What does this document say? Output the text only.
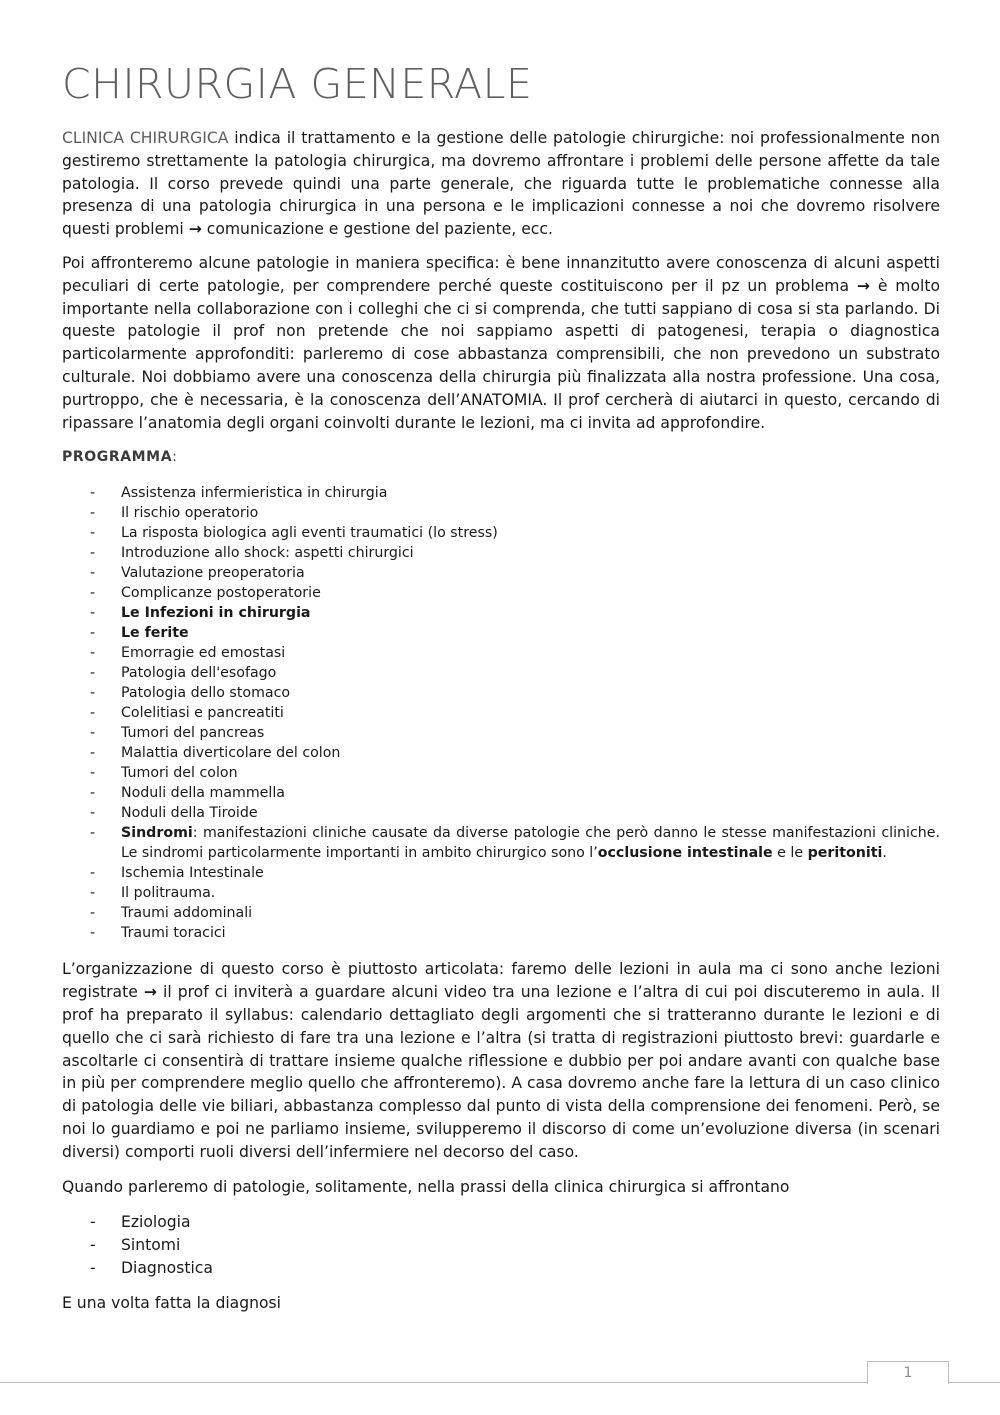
CHIRURGIA GENERALE

CLINICA CHIRURGICA indica il trattamento e la gestione delle patologie chirurgiche: noi professionalmente non gestiremo strettamente la patologia chirurgica, ma dovremo affrontare i problemi delle persone affette da tale patologia. Il corso prevede quindi una parte generale, che riguarda tutte le problematiche connesse alla presenza di una patologia chirurgica in una persona e le implicazioni connesse a noi che dovremo risolvere questi problemi → comunicazione e gestione del paziente, ecc.

Poi affronteremo alcune patologie in maniera specifica: è bene innanzitutto avere conoscenza di alcuni aspetti peculiari di certe patologie, per comprendere perché queste costituiscono per il pz un problema → è molto importante nella collaborazione con i colleghi che ci si comprenda, che tutti sappiano di cosa si sta parlando. Di queste patologie il prof non pretende che noi sappiamo aspetti di patogenesi, terapia o diagnostica particolarmente approfonditi: parleremo di cose abbastanza comprensibili, che non prevedono un substrato culturale. Noi dobbiamo avere una conoscenza della chirurgia più finalizzata alla nostra professione. Una cosa, purtroppo, che è necessaria, è la conoscenza dell’ANATOMIA. Il prof cercherà di aiutarci in questo, cercando di ripassare l’anatomia degli organi coinvolti durante le lezioni, ma ci invita ad approfondire.

PROGRAMMA:
- Assistenza infermieristica in chirurgia
- Il rischio operatorio
- La risposta biologica agli eventi traumatici (lo stress)
- Introduzione allo shock: aspetti chirurgici
- Valutazione preoperatoria
- Complicanze postoperatorie
- Le Infezioni in chirurgia
- Le ferite
- Emorragie ed emostasi
- Patologia dell'esofago
- Patologia dello stomaco
- Colelitiasi e pancreatiti
- Tumori del pancreas
- Malattia diverticolare del colon
- Tumori del colon
- Noduli della mammella
- Noduli della Tiroide
- Sindromi: manifestazioni cliniche causate da diverse patologie che però danno le stesse manifestazioni cliniche. Le sindromi particolarmente importanti in ambito chirurgico sono l’occlusione intestinale e le peritoniti.
- Ischemia Intestinale
- Il politrauma.
- Traumi addominali
- Traumi toracici

L’organizzazione di questo corso è piuttosto articolata: faremo delle lezioni in aula ma ci sono anche lezioni registrate → il prof ci inviterà a guardare alcuni video tra una lezione e l’altra di cui poi discuteremo in aula. Il prof ha preparato il syllabus: calendario dettagliato degli argomenti che si tratteranno durante le lezioni e di quello che ci sarà richiesto di fare tra una lezione e l’altra (si tratta di registrazioni piuttosto brevi: guardarle e ascoltarle ci consentirà di trattare insieme qualche riflessione e dubbio per poi andare avanti con qualche base in più per comprendere meglio quello che affronteremo). A casa dovremo anche fare la lettura di un caso clinico di patologia delle vie biliari, abbastanza complesso dal punto di vista della comprensione dei fenomeni. Però, se noi lo guardiamo e poi ne parliamo insieme, svilupperemo il discorso di come un’evoluzione diversa (in scenari diversi) comporti ruoli diversi dell’infermiere nel decorso del caso.

Quando parleremo di patologie, solitamente, nella prassi della clinica chirurgica si affrontano

- Eziologia
- Sintomi
- Diagnostica

E una volta fatta la diagnosi

1
